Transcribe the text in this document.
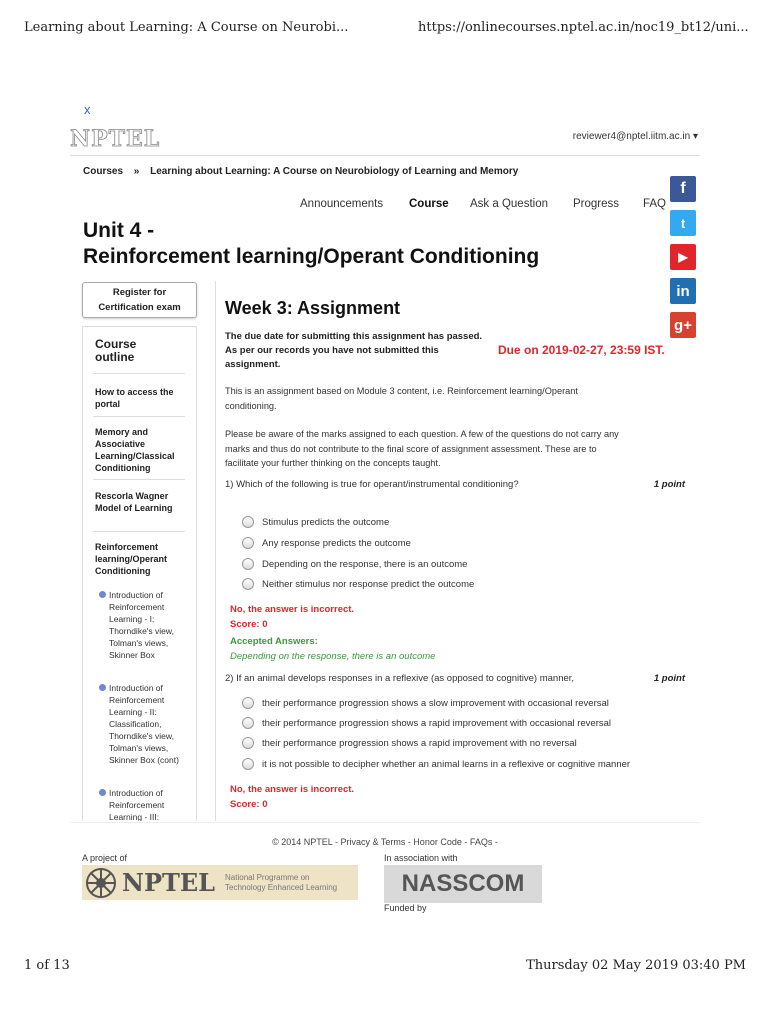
Learning about Learning: A Course on Neurobi...	https://onlinecourses.nptel.ac.in/noc19_bt12/uni...
x
NPTEL	reviewer4@nptel.iitm.ac.in ▾
Courses » Learning about Learning: A Course on Neurobiology of Learning and Memory
Announcements Course Ask a Question Progress FAQ
f
t
▶
in
g+
Unit 4 -
Reinforcement learning/Operant Conditioning
Register for
Certification exam
Course
outline
How to access the portal
Memory and Associative Learning/Classical Conditioning
Rescorla Wagner Model of Learning
Reinforcement learning/Operant Conditioning
Introduction of Reinforcement Learning - I: Thorndike's view, Tolman's views, Skinner Box
Introduction of Reinforcement Learning - II: Classification, Thorndike's view, Tolman's views, Skinner Box (cont)
Introduction of Reinforcement Learning - III:
Week 3: Assignment
The due date for submitting this assignment has passed.
As per our records you have not submitted this
assignment.
Due on 2019-02-27, 23:59 IST.
This is an assignment based on Module 3 content, i.e. Reinforcement learning/Operant
conditioning.
Please be aware of the marks assigned to each question. A few of the questions do not carry any
marks and thus do not contribute to the final score of assignment assessment. These are to
facilitate your further thinking on the concepts taught.
1) Which of the following is true for operant/instrumental conditioning?	1 point
Stimulus predicts the outcome
Any response predicts the outcome
Depending on the response, there is an outcome
Neither stimulus nor response predict the outcome
No, the answer is incorrect.
Score: 0
Accepted Answers:
Depending on the response, there is an outcome
2) If an animal develops responses in a reflexive (as opposed to cognitive) manner,	1 point
their performance progression shows a slow improvement with occasional reversal
their performance progression shows a rapid improvement with occasional reversal
their performance progression shows a rapid improvement with no reversal
it is not possible to decipher whether an animal learns in a reflexive or cognitive manner
No, the answer is incorrect.
Score: 0
© 2014 NPTEL - Privacy & Terms - Honor Code - FAQs -
A project of	In association with
NPTEL National Programme on
Technology Enhanced Learning	NASSCOM
Funded by
1 of 13	Thursday 02 May 2019 03:40 PM
